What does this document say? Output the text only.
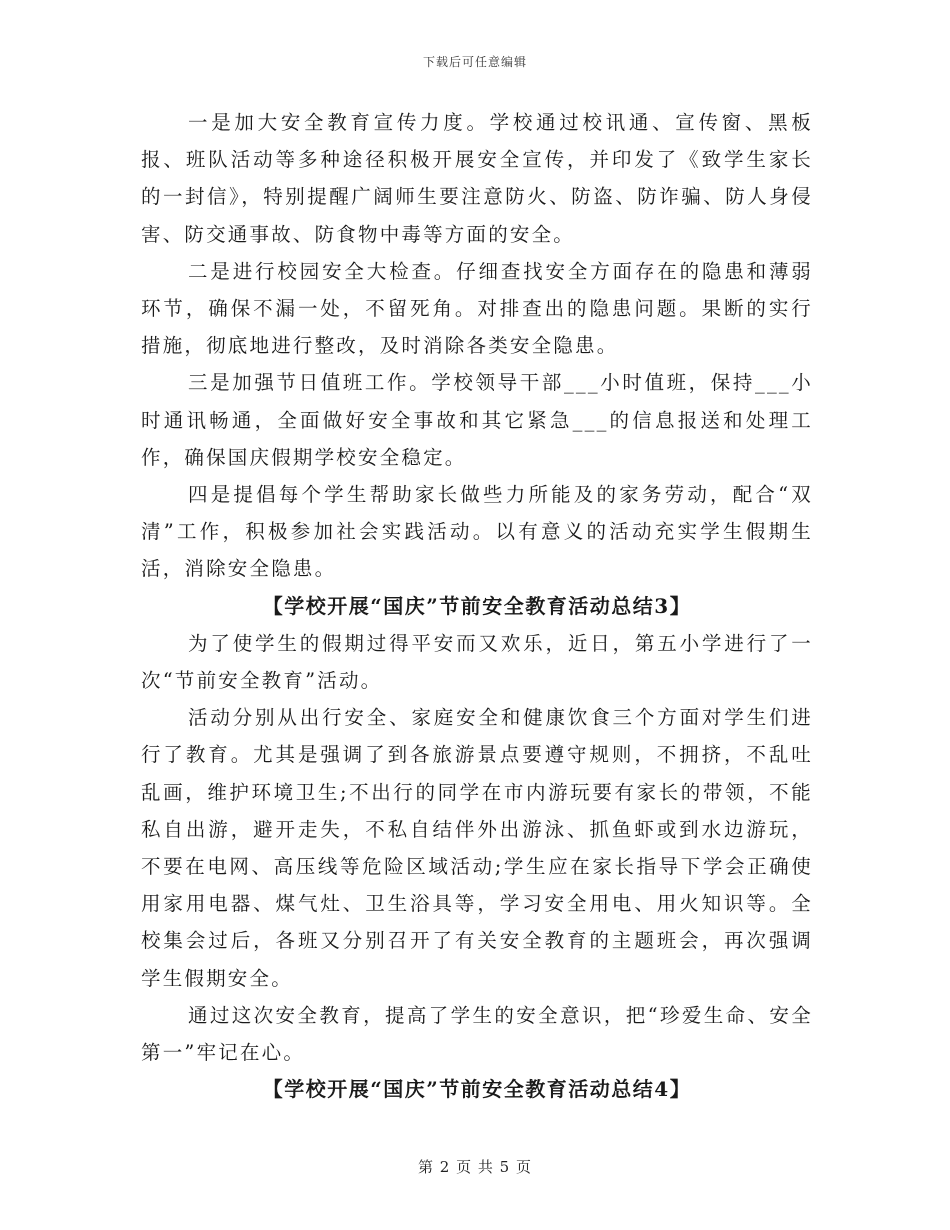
下载后可任意编辑

一是加大安全教育宣传力度。学校通过校讯通、宣传窗、黑板报、班队活动等多种途径积极开展安全宣传，并印发了《致学生家长的一封信》，特别提醒广阔师生要注意防火、防盗、防诈骗、防人身侵害、防交通事故、防食物中毒等方面的安全。

二是进行校园安全大检查。仔细查找安全方面存在的隐患和薄弱环节，确保不漏一处，不留死角。对排查出的隐患问题。果断的实行措施，彻底地进行整改，及时消除各类安全隐患。

三是加强节日值班工作。学校领导干部___小时值班，保持___小时通讯畅通，全面做好安全事故和其它紧急___的信息报送和处理工作，确保国庆假期学校安全稳定。

四是提倡每个学生帮助家长做些力所能及的家务劳动，配合“双清”工作，积极参加社会实践活动。以有意义的活动充实学生假期生活，消除安全隐患。

【学校开展“国庆”节前安全教育活动总结3】

为了使学生的假期过得平安而又欢乐，近日，第五小学进行了一次“节前安全教育”活动。

活动分别从出行安全、家庭安全和健康饮食三个方面对学生们进行了教育。尤其是强调了到各旅游景点要遵守规则，不拥挤，不乱吐乱画，维护环境卫生;不出行的同学在市内游玩要有家长的带领，不能私自出游，避开走失，不私自结伴外出游泳、抓鱼虾或到水边游玩，不要在电网、高压线等危险区域活动;学生应在家长指导下学会正确使用家用电器、煤气灶、卫生浴具等，学习安全用电、用火知识等。全校集会过后，各班又分别召开了有关安全教育的主题班会，再次强调学生假期安全。

通过这次安全教育，提高了学生的安全意识，把“珍爱生命、安全第一”牢记在心。

【学校开展“国庆”节前安全教育活动总结4】

第 2 页 共 5 页
